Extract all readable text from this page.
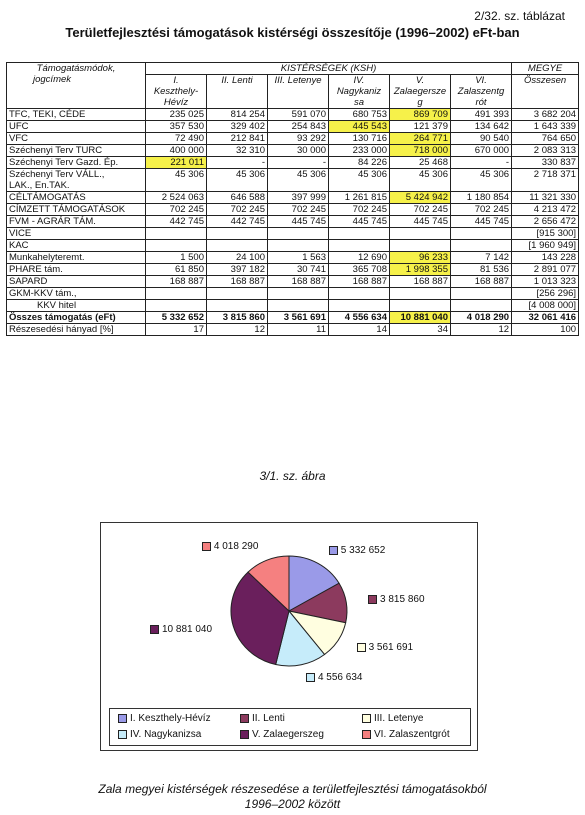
2/32. sz. táblázat
Területfejlesztési támogatások kistérségi összesítője (1996–2002) eFt-ban
Támogatásmódok,
jogcímek	KISTÉRSÉGEK (KSH)						MEGYE
	I.	II. Lenti	III. Letenye	IV.	V.	VI.	Összesen
	Keszthely-			Nagykaniz	Zalaegersze	Zalaszentg	
	Hévíz			sa	g	rót	

TFC, TEKI, CÉDE	235 025	814 254	591 070	680 753	869 709	491 393	3 682 204

UFC	357 530	329 402	254 843	445 543	121 379	134 642	1 643 339

VFC	72 490	212 841	93 292	130 716	264 771	90 540	764 650

Széchenyi Terv TURC	400 000	32 310	30 000	233 000	718 000	670 000	2 083 313

Széchenyi Terv Gazd. Ép.	221 011	-	-	84 226	25 468	-	330 837

Széchenyi Terv VÁLL.,
LAK., En.TAK.	45 306	45 306	45 306	45 306	45 306	45 306	2 718 371

CÉLTÁMOGATÁS	2 524 063	646 588	397 999	1 261 815	5 424 942	1 180 854	11 321 330

CÍMZETT TÁMOGATÁSOK	702 245	702 245	702 245	702 245	702 245	702 245	4 213 472

FVM - AGRÁR TÁM.	442 745	442 745	445 745	445 745	445 745	445 745	2 656 472

VICE							[915 300]

KAC							[1 960 949]

Munkahelyteremt.	1 500	24 100	1 563	12 690	96 233	7 142	143 228

PHARE tám.	61 850	397 182	30 741	365 708	1 998 355	81 536	2 891 077

SAPARD	168 887	168 887	168 887	168 887	168 887	168 887	1 013 323

GKM-KKV tám.,							[256 296]

KKV hitel							[4 008 000]

Összes támogatás (eFt)	5 332 652	3 815 860	3 561 691	4 556 634	10 881 040	4 018 290	32 061 416

Részesedési hányad [%]	17	12	11	14	34	12	100
3/1. sz. ábra
5 332 652
3 815 860
3 561 691
4 556 634
10 881 040
4 018 290
I. Keszthely-Hévíz	II. Lenti	III. Letenye
IV. Nagykanizsa	V. Zalaegerszeg	VI. Zalaszentgrót
Zala megyei kistérségek részesedése a területfejlesztési támogatásokból
1996–2002 között
